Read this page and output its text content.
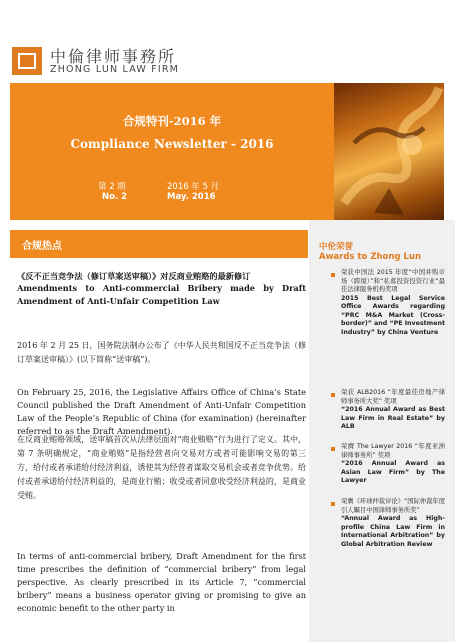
中倫律师事務所
ZHONG LUN LAW FIRM
合规特刊-2016 年
Compliance Newsletter - 2016
第 2 期	2016 年 5 月
No. 2	May. 2016
合规热点
《反不正当竞争法（修订草案送审稿）》对反商业贿赂的最新修订
Amendments to Anti-commercial Bribery made by Draft Amendment of Anti-Unfair Competition Law
2016 年 2 月 25 日，国务院法制办公布了《中华人民共和国反不正当竞争法（修订草案送审稿）》(以下简称“送审稿”)。
On February 25, 2016, the Legislative Affairs Office of China’s State Council published the Draft Amendment of Anti-Unfair Competition Law of the People’s Republic of China (for examination) (hereinafter referred to as the Draft Amendment).
在反商业贿赂领域，送审稿首次从法律层面对“商业贿赂”行为进行了定义。其中，第 7 条明确规定，“商业贿赂”是指经营者向交易对方或者可能影响交易的第三方，给付或者承诺给付经济利益，诱使其为经营者谋取交易机会或者竞争优势。给付或者承诺给付经济利益的，是商业行贿；收受或者同意收受经济利益的，是商业受贿。
In terms of anti-commercial bribery, Draft Amendment for the first time prescribes the definition of “commercial bribery” from legal perspective. As clearly prescribed in its Article 7, “commercial bribery” means a business operator giving or promising to give an economic benefit to the other party in
中伦荣誉
Awards to Zhong Lun
荣获中国法 2015 年度“中国并购市场（跨境）”和“私募投资投资行业”最佳法律服务机构奖项
2015 Best Legal Service Office Awards regarding “PRC M&A Market (Cross-border)” and “PE Investment Industry” by China Venture
荣获 ALB2016 “年度最佳房地产律师事务所大奖” 奖项
“2016 Annual Award as Best Law Firm in Real Estate” by ALB
荣膺 The Lawyer 2016 “年度亚洲律师事务所” 奖项
“2016 Annual Award as Asian Law Firm” by The Lawyer
荣膺《环球仲裁评论》“国际仲裁年度引人瞩目中国律师事务所奖”
“Annual Award as High-profile China Law Firm in International Arbitration” by Global Arbitration Review
